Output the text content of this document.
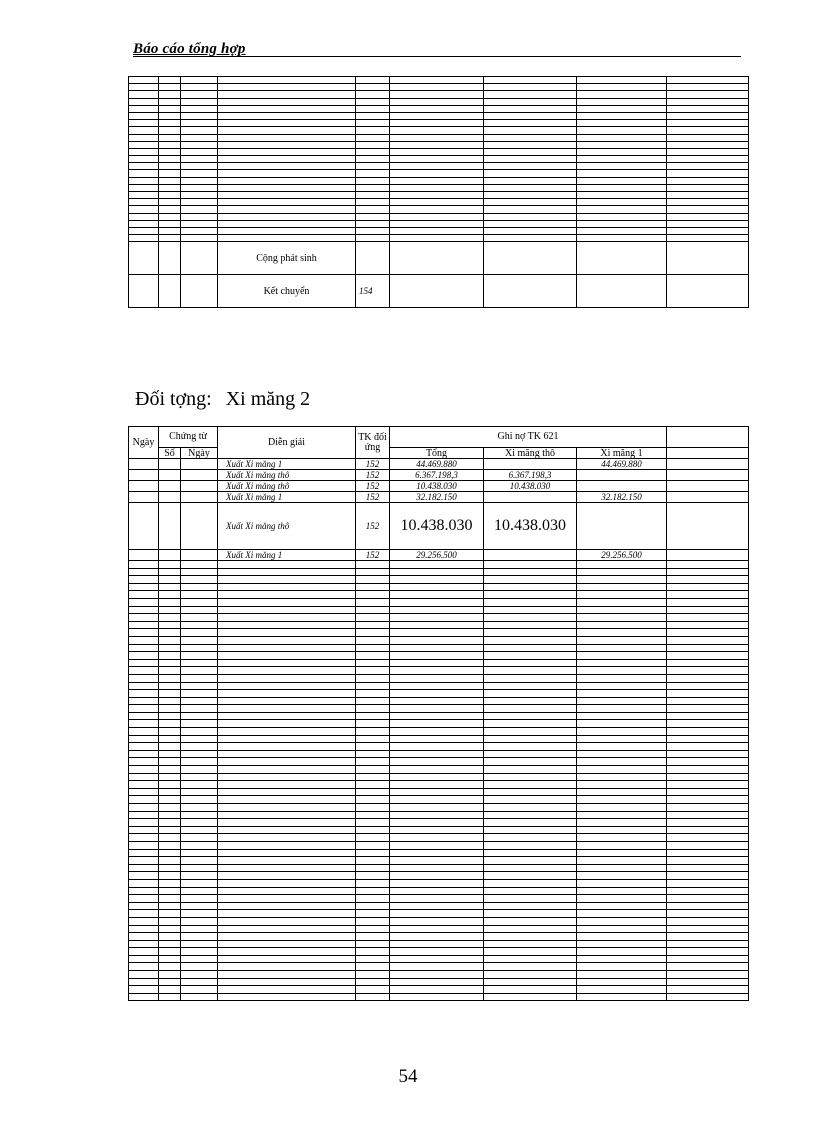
Báo cáo tổng hợp

			Cộng phát sinh					
			Kết chuyển	154				
Đối tợng: Xi măng 2
Ngày	Chứng từ		Diễn giải	TK đối ứng	Ghi nợ TK 621			
	Số	Ngày			Tổng	Xi măng thô	Xi măng 1	
			Xuất Xi măng 1	152	44.469.880		44.469.880	
			Xuất Xi măng thô	152	6.367.198,3	6.367.198,3		
			Xuất Xi măng thô	152	10.438.030	10.438.030		
			Xuất Xi măng 1	152	32.182.150		32.182.150	
			Xuất Xi măng thô	152	10.438.030	10.438.030		
			Xuất Xi măng 1	152	29.256.500		29.256.500	

54
